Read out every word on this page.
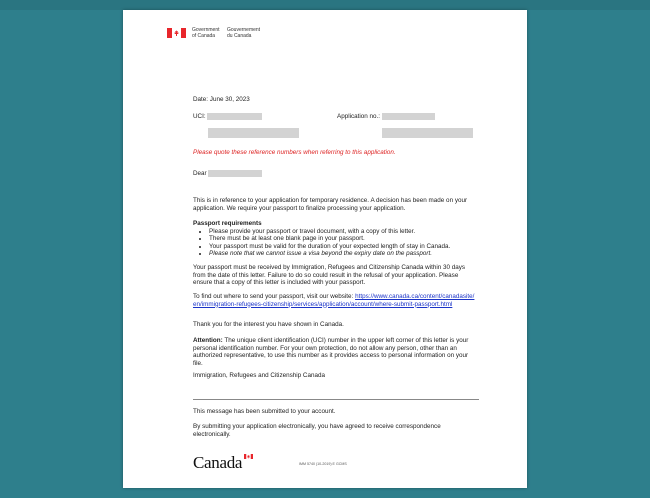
Government
of Canada
Gouvernement
du Canada
Date: June 30, 2023
UCI:	Application no.:
Please quote these reference numbers when referring to this application.
Dear
This is in reference to your application for temporary residence. A decision has been made on your application. We require your passport to finalize processing your application.
Passport requirements
• Please provide your passport or travel document, with a copy of this letter.
• There must be at least one blank page in your passport.
• Your passport must be valid for the duration of your expected length of stay in Canada.
• Please note that we cannot issue a visa beyond the expiry date on the passport.
Your passport must be received by Immigration, Refugees and Citizenship Canada within 30 days from the date of this letter. Failure to do so could result in the refusal of your application. Please ensure that a copy of this letter is included with your passport.
To find out where to send your passport, visit our website: https://www.canada.ca/content/canadasite/en/immigration-refugees-citizenship/services/application/account/where-submit-passport.html
Thank you for the interest you have shown in Canada.
Attention: The unique client identification (UCI) number in the upper left corner of this letter is your personal identification number. For your own protection, do not allow any person, other than an authorized representative, to use this number as it provides access to personal information on your file.
Immigration, Refugees and Citizenship Canada
This message has been submitted to your account.
By submitting your application electronically, you have agreed to receive correspondence electronically.
Canada	IMM 5740 (10-2019) E GCMS
